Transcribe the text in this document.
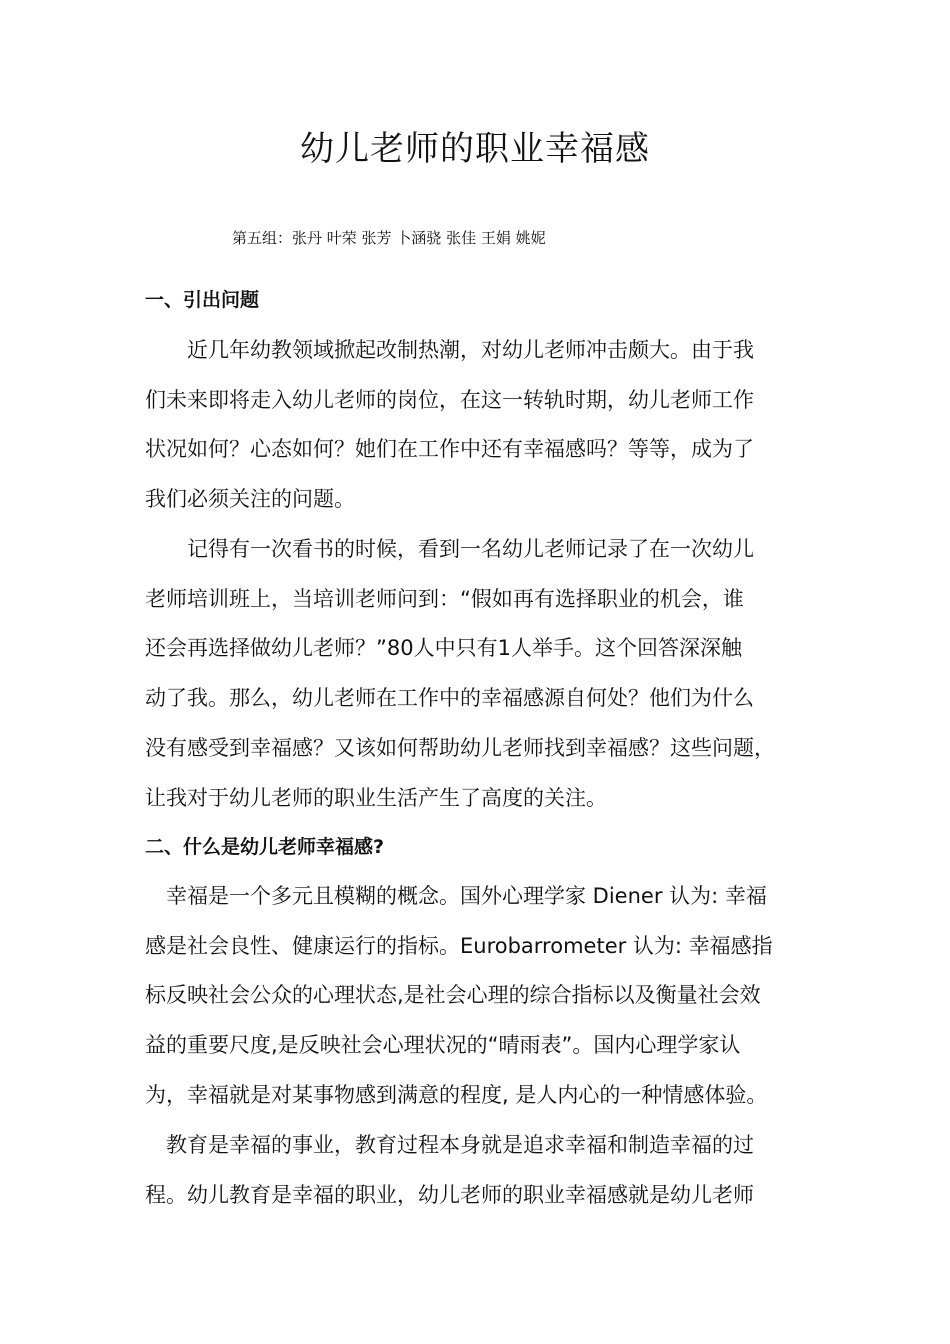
幼儿老师的职业幸福感
第五组：张丹 叶荣 张芳 卜涵骁 张佳 王娟 姚妮
一、引出问题

　　近几年幼教领域掀起改制热潮，对幼儿老师冲击颇大。由于我
们未来即将走入幼儿老师的岗位，在这一转轨时期，幼儿老师工作
状况如何？心态如何？她们在工作中还有幸福感吗？等等，成为了
我们必须关注的问题。

　　记得有一次看书的时候，看到一名幼儿老师记录了在一次幼儿
老师培训班上，当培训老师问到：“假如再有选择职业的机会，谁
还会再选择做幼儿老师？”80人中只有1人举手。这个回答深深触
动了我。那么，幼儿老师在工作中的幸福感源自何处？他们为什么
没有感受到幸福感？又该如何帮助幼儿老师找到幸福感？这些问题，
让我对于幼儿老师的职业生活产生了高度的关注。

二、什么是幼儿老师幸福感?

　幸福是一个多元且模糊的概念。国外心理学家 Diener 认为: 幸福
感是社会良性、健康运行的指标。Eurobarrometer 认为: 幸福感指
标反映社会公众的心理状态,是社会心理的综合指标以及衡量社会效
益的重要尺度,是反映社会心理状况的“晴雨表”。国内心理学家认
为，幸福就是对某事物感到满意的程度, 是人内心的一种情感体验。

　教育是幸福的事业，教育过程本身就是追求幸福和制造幸福的过
程。幼儿教育是幸福的职业，幼儿老师的职业幸福感就是幼儿老师
